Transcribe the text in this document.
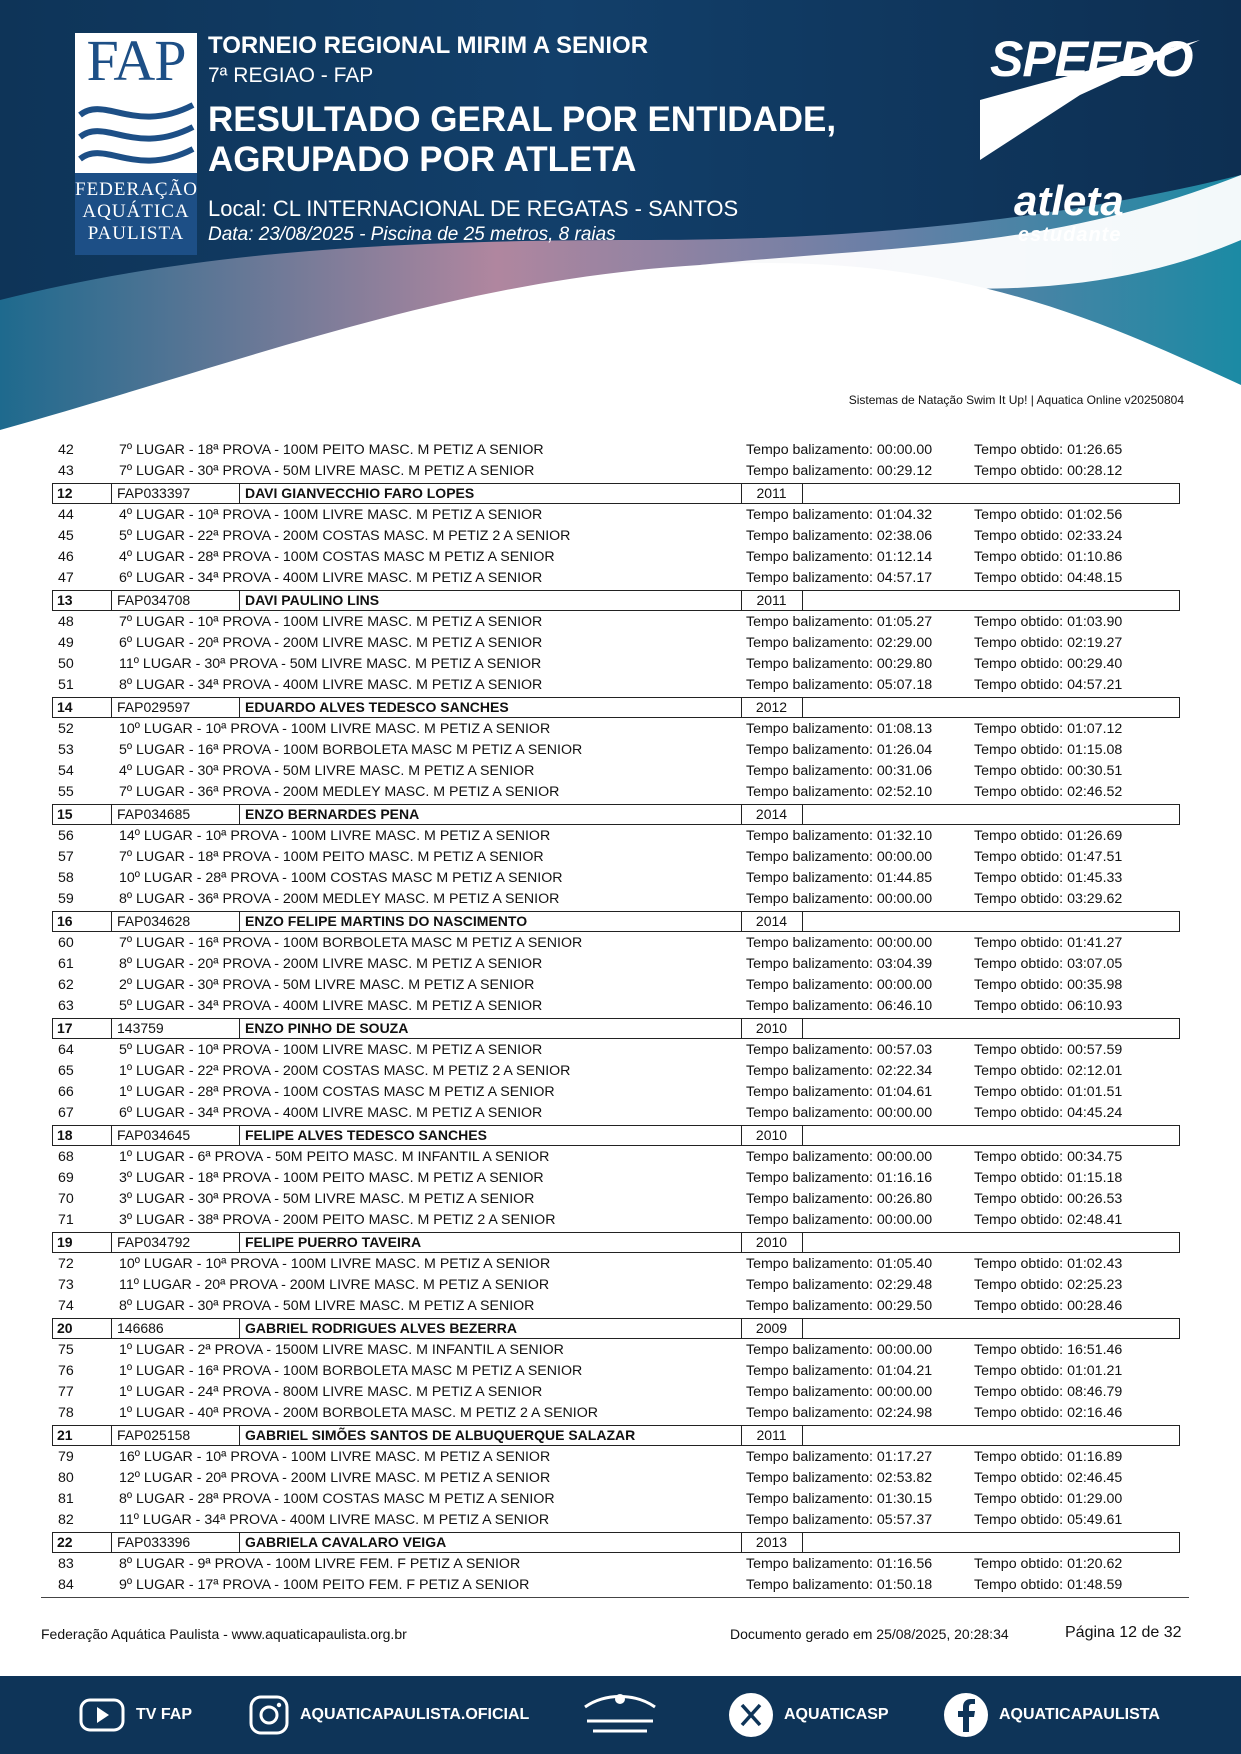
FAP
FEDERAÇÃO
AQUÁTICA
PAULISTA
TORNEIO REGIONAL MIRIM A SENIOR
7ª REGIAO - FAP
RESULTADO GERAL POR ENTIDADE,
AGRUPADO POR ATLETA
Local: CL INTERNACIONAL DE REGATAS - SANTOS
Data: 23/08/2025 - Piscina de 25 metros, 8 raias
SPEEDO
atleta
estudante
Sistemas de Natação Swim It Up! | Aquatica Online v20250804
42	7º LUGAR - 18ª PROVA - 100M PEITO MASC. M PETIZ A SENIOR	Tempo balizamento: 00:00.00	Tempo obtido: 01:26.65
43	7º LUGAR - 30ª PROVA - 50M LIVRE MASC. M PETIZ A SENIOR	Tempo balizamento: 00:29.12	Tempo obtido: 00:28.12
12	FAP033397	DAVI GIANVECCHIO FARO LOPES	2011
44	4º LUGAR - 10ª PROVA - 100M LIVRE MASC. M PETIZ A SENIOR	Tempo balizamento: 01:04.32	Tempo obtido: 01:02.56
45	5º LUGAR - 22ª PROVA - 200M COSTAS MASC. M PETIZ 2 A SENIOR	Tempo balizamento: 02:38.06	Tempo obtido: 02:33.24
46	4º LUGAR - 28ª PROVA - 100M COSTAS MASC M PETIZ A SENIOR	Tempo balizamento: 01:12.14	Tempo obtido: 01:10.86
47	6º LUGAR - 34ª PROVA - 400M LIVRE MASC. M PETIZ A SENIOR	Tempo balizamento: 04:57.17	Tempo obtido: 04:48.15
13	FAP034708	DAVI PAULINO LINS	2011
48	7º LUGAR - 10ª PROVA - 100M LIVRE MASC. M PETIZ A SENIOR	Tempo balizamento: 01:05.27	Tempo obtido: 01:03.90
49	6º LUGAR - 20ª PROVA - 200M LIVRE MASC. M PETIZ A SENIOR	Tempo balizamento: 02:29.00	Tempo obtido: 02:19.27
50	11º LUGAR - 30ª PROVA - 50M LIVRE MASC. M PETIZ A SENIOR	Tempo balizamento: 00:29.80	Tempo obtido: 00:29.40
51	8º LUGAR - 34ª PROVA - 400M LIVRE MASC. M PETIZ A SENIOR	Tempo balizamento: 05:07.18	Tempo obtido: 04:57.21
14	FAP029597	EDUARDO ALVES TEDESCO SANCHES	2012
52	10º LUGAR - 10ª PROVA - 100M LIVRE MASC. M PETIZ A SENIOR	Tempo balizamento: 01:08.13	Tempo obtido: 01:07.12
53	5º LUGAR - 16ª PROVA - 100M BORBOLETA MASC M PETIZ A SENIOR	Tempo balizamento: 01:26.04	Tempo obtido: 01:15.08
54	4º LUGAR - 30ª PROVA - 50M LIVRE MASC. M PETIZ A SENIOR	Tempo balizamento: 00:31.06	Tempo obtido: 00:30.51
55	7º LUGAR - 36ª PROVA - 200M MEDLEY MASC. M PETIZ A SENIOR	Tempo balizamento: 02:52.10	Tempo obtido: 02:46.52
15	FAP034685	ENZO BERNARDES PENA	2014
56	14º LUGAR - 10ª PROVA - 100M LIVRE MASC. M PETIZ A SENIOR	Tempo balizamento: 01:32.10	Tempo obtido: 01:26.69
57	7º LUGAR - 18ª PROVA - 100M PEITO MASC. M PETIZ A SENIOR	Tempo balizamento: 00:00.00	Tempo obtido: 01:47.51
58	10º LUGAR - 28ª PROVA - 100M COSTAS MASC M PETIZ A SENIOR	Tempo balizamento: 01:44.85	Tempo obtido: 01:45.33
59	8º LUGAR - 36ª PROVA - 200M MEDLEY MASC. M PETIZ A SENIOR	Tempo balizamento: 00:00.00	Tempo obtido: 03:29.62
16	FAP034628	ENZO FELIPE MARTINS DO NASCIMENTO	2014
60	7º LUGAR - 16ª PROVA - 100M BORBOLETA MASC M PETIZ A SENIOR	Tempo balizamento: 00:00.00	Tempo obtido: 01:41.27
61	8º LUGAR - 20ª PROVA - 200M LIVRE MASC. M PETIZ A SENIOR	Tempo balizamento: 03:04.39	Tempo obtido: 03:07.05
62	2º LUGAR - 30ª PROVA - 50M LIVRE MASC. M PETIZ A SENIOR	Tempo balizamento: 00:00.00	Tempo obtido: 00:35.98
63	5º LUGAR - 34ª PROVA - 400M LIVRE MASC. M PETIZ A SENIOR	Tempo balizamento: 06:46.10	Tempo obtido: 06:10.93
17	143759	ENZO PINHO DE SOUZA	2010
64	5º LUGAR - 10ª PROVA - 100M LIVRE MASC. M PETIZ A SENIOR	Tempo balizamento: 00:57.03	Tempo obtido: 00:57.59
65	1º LUGAR - 22ª PROVA - 200M COSTAS MASC. M PETIZ 2 A SENIOR	Tempo balizamento: 02:22.34	Tempo obtido: 02:12.01
66	1º LUGAR - 28ª PROVA - 100M COSTAS MASC M PETIZ A SENIOR	Tempo balizamento: 01:04.61	Tempo obtido: 01:01.51
67	6º LUGAR - 34ª PROVA - 400M LIVRE MASC. M PETIZ A SENIOR	Tempo balizamento: 00:00.00	Tempo obtido: 04:45.24
18	FAP034645	FELIPE ALVES TEDESCO SANCHES	2010
68	1º LUGAR - 6ª PROVA - 50M PEITO MASC. M INFANTIL A SENIOR	Tempo balizamento: 00:00.00	Tempo obtido: 00:34.75
69	3º LUGAR - 18ª PROVA - 100M PEITO MASC. M PETIZ A SENIOR	Tempo balizamento: 01:16.16	Tempo obtido: 01:15.18
70	3º LUGAR - 30ª PROVA - 50M LIVRE MASC. M PETIZ A SENIOR	Tempo balizamento: 00:26.80	Tempo obtido: 00:26.53
71	3º LUGAR - 38ª PROVA - 200M PEITO MASC. M PETIZ 2 A SENIOR	Tempo balizamento: 00:00.00	Tempo obtido: 02:48.41
19	FAP034792	FELIPE PUERRO TAVEIRA	2010
72	10º LUGAR - 10ª PROVA - 100M LIVRE MASC. M PETIZ A SENIOR	Tempo balizamento: 01:05.40	Tempo obtido: 01:02.43
73	11º LUGAR - 20ª PROVA - 200M LIVRE MASC. M PETIZ A SENIOR	Tempo balizamento: 02:29.48	Tempo obtido: 02:25.23
74	8º LUGAR - 30ª PROVA - 50M LIVRE MASC. M PETIZ A SENIOR	Tempo balizamento: 00:29.50	Tempo obtido: 00:28.46
20	146686	GABRIEL RODRIGUES ALVES BEZERRA	2009
75	1º LUGAR - 2ª PROVA - 1500M LIVRE MASC. M INFANTIL A SENIOR	Tempo balizamento: 00:00.00	Tempo obtido: 16:51.46
76	1º LUGAR - 16ª PROVA - 100M BORBOLETA MASC M PETIZ A SENIOR	Tempo balizamento: 01:04.21	Tempo obtido: 01:01.21
77	1º LUGAR - 24ª PROVA - 800M LIVRE MASC. M PETIZ A SENIOR	Tempo balizamento: 00:00.00	Tempo obtido: 08:46.79
78	1º LUGAR - 40ª PROVA - 200M BORBOLETA MASC. M PETIZ 2 A SENIOR	Tempo balizamento: 02:24.98	Tempo obtido: 02:16.46
21	FAP025158	GABRIEL SIMÕES SANTOS DE ALBUQUERQUE SALAZAR	2011
79	16º LUGAR - 10ª PROVA - 100M LIVRE MASC. M PETIZ A SENIOR	Tempo balizamento: 01:17.27	Tempo obtido: 01:16.89
80	12º LUGAR - 20ª PROVA - 200M LIVRE MASC. M PETIZ A SENIOR	Tempo balizamento: 02:53.82	Tempo obtido: 02:46.45
81	8º LUGAR - 28ª PROVA - 100M COSTAS MASC M PETIZ A SENIOR	Tempo balizamento: 01:30.15	Tempo obtido: 01:29.00
82	11º LUGAR - 34ª PROVA - 400M LIVRE MASC. M PETIZ A SENIOR	Tempo balizamento: 05:57.37	Tempo obtido: 05:49.61
22	FAP033396	GABRIELA CAVALARO VEIGA	2013
83	8º LUGAR - 9ª PROVA - 100M LIVRE FEM. F PETIZ A SENIOR	Tempo balizamento: 01:16.56	Tempo obtido: 01:20.62
84	9º LUGAR - 17ª PROVA - 100M PEITO FEM. F PETIZ A SENIOR	Tempo balizamento: 01:50.18	Tempo obtido: 01:48.59
Federação Aquática Paulista - www.aquaticapaulista.org.br	Documento gerado em 25/08/2025, 20:28:34	Página 12 de 32
TV FAP	AQUATICAPAULISTA.OFICIAL	AQUATICASP	AQUATICAPAULISTA
